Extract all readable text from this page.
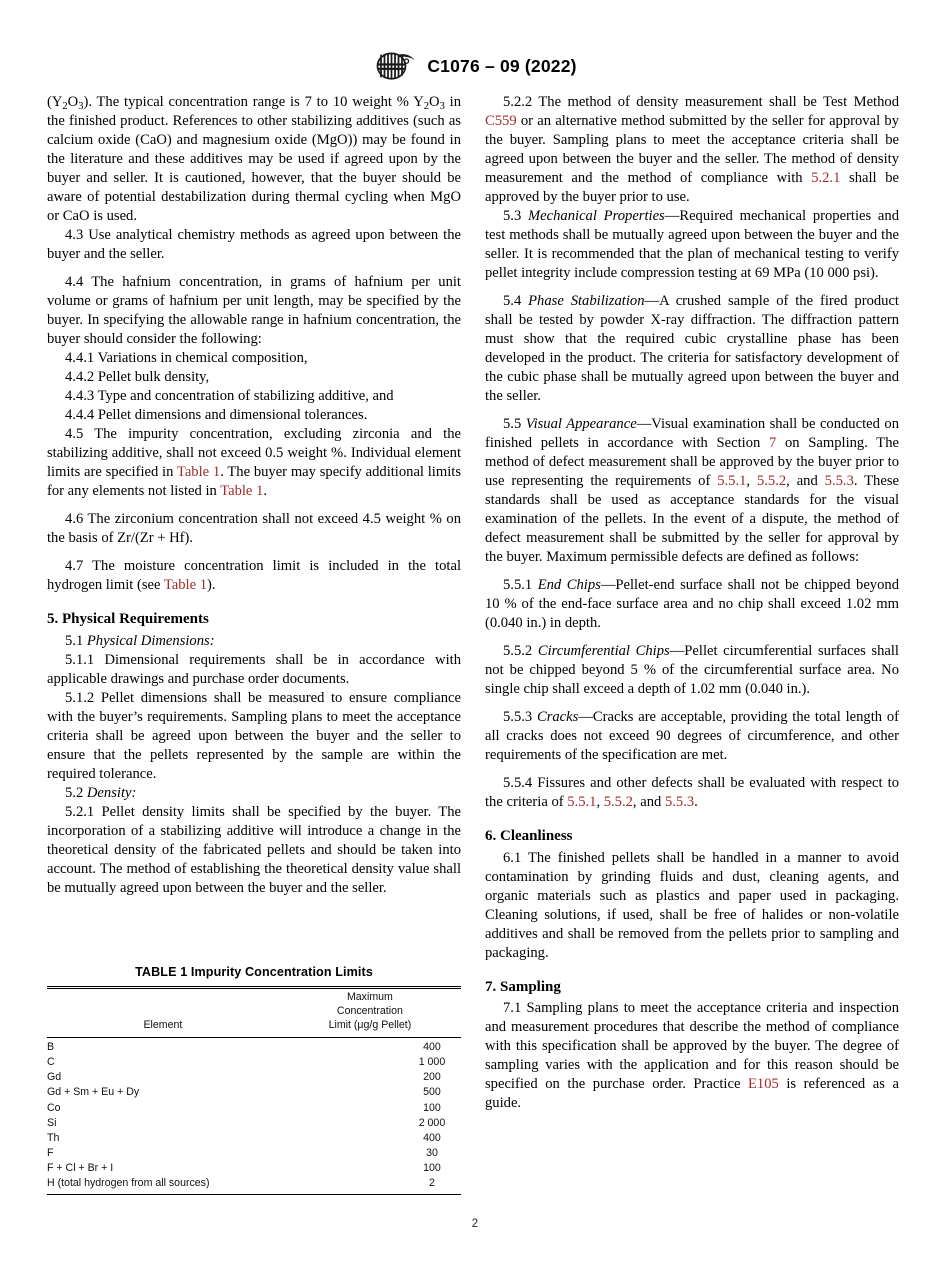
C1076 – 09 (2022)

$(Y_2O_3)$. The typical concentration range is 7 to 10 weight % $Y_2O_3$ in the finished product. References to other stabilizing additives (such as calcium oxide (CaO) and magnesium oxide (MgO)) may be found in the literature and these additives may be used if agreed upon by the buyer and seller. It is cautioned, however, that the buyer should be aware of potential destabilization during thermal cycling when MgO or CaO is used.

4.3 Use analytical chemistry methods as agreed upon between the buyer and the seller.

4.4 The hafnium concentration, in grams of hafnium per unit volume or grams of hafnium per unit length, may be specified by the buyer. In specifying the allowable range in hafnium concentration, the buyer should consider the following:

4.4.1 Variations in chemical composition,

4.4.2 Pellet bulk density,

4.4.3 Type and concentration of stabilizing additive, and

4.4.4 Pellet dimensions and dimensional tolerances.

4.5 The impurity concentration, excluding zirconia and the stabilizing additive, shall not exceed 0.5 weight %. Individual element limits are specified in Table 1. The buyer may specify additional limits for any elements not listed in Table 1.

4.6 The zirconium concentration shall not exceed 4.5 weight % on the basis of Zr/(Zr + Hf).

4.7 The moisture concentration limit is included in the total hydrogen limit (see Table 1).

5. Physical Requirements

5.1 Physical Dimensions:

5.1.1 Dimensional requirements shall be in accordance with applicable drawings and purchase order documents.

5.1.2 Pellet dimensions shall be measured to ensure compliance with the buyer’s requirements. Sampling plans to meet the acceptance criteria shall be agreed upon between the buyer and the seller to ensure that the pellets represented by the sample are within the required tolerance.

5.2 Density:

5.2.1 Pellet density limits shall be specified by the buyer. The incorporation of a stabilizing additive will introduce a change in the theoretical density of the fabricated pellets and should be taken into account. The method of establishing the theoretical density value shall be mutually agreed upon between the buyer and the seller.

5.2.2 The method of density measurement shall be Test Method C559 or an alternative method submitted by the seller for approval by the buyer. Sampling plans to meet the acceptance criteria shall be agreed upon between the buyer and the seller. The method of density measurement and the method of compliance with 5.2.1 shall be approved by the buyer prior to use.

5.3 Mechanical Properties—Required mechanical properties and test methods shall be mutually agreed upon between the buyer and the seller. It is recommended that the plan of mechanical testing to verify pellet integrity include compression testing at 69 MPa (10 000 psi).

5.4 Phase Stabilization—A crushed sample of the fired product shall be tested by powder X-ray diffraction. The diffraction pattern must show that the required cubic crystalline phase has been developed in the product. The criteria for satisfactory development of the cubic phase shall be mutually agreed upon between the buyer and the seller.

5.5 Visual Appearance—Visual examination shall be conducted on finished pellets in accordance with Section 7 on Sampling. The method of defect measurement shall be approved by the buyer prior to use representing the requirements of 5.5.1, 5.5.2, and 5.5.3. These standards shall be used as acceptance standards for the visual examination of the pellets. In the event of a dispute, the method of defect measurement shall be submitted by the seller for approval by the buyer. Maximum permissible defects are defined as follows:

5.5.1 End Chips—Pellet-end surface shall not be chipped beyond 10 % of the end-face surface area and no chip shall exceed 1.02 mm (0.040 in.) in depth.

5.5.2 Circumferential Chips—Pellet circumferential surfaces shall not be chipped beyond 5 % of the circumferential surface area. No single chip shall exceed a depth of 1.02 mm (0.040 in.).

5.5.3 Cracks—Cracks are acceptable, providing the total length of all cracks does not exceed 90 degrees of circumference, and other requirements of the specification are met.

5.5.4 Fissures and other defects shall be evaluated with respect to the criteria of 5.5.1, 5.5.2, and 5.5.3.

6. Cleanliness

6.1 The finished pellets shall be handled in a manner to avoid contamination by grinding fluids and dust, cleaning agents, and organic materials such as plastics and paper used in packaging. Cleaning solutions, if used, shall be free of halides or non-volatile additives and shall be removed from the pellets prior to sampling and packaging.

7. Sampling

7.1 Sampling plans to meet the acceptance criteria and inspection and measurement procedures that describe the method of compliance with this specification shall be approved by the buyer. The degree of sampling varies with the application and for this reason should be specified on the purchase order. Practice E105 is referenced as a guide.

TABLE 1 Impurity Concentration Limits
Element	
Maximum
Concentration
Limit (μg/g Pellet)
B	400
C	1 000
Gd	200
Gd + Sm + Eu + Dy	500
Co	100
Si	2 000
Th	400
F	30
F + Cl + Br + I	100
H (total hydrogen from all sources)	2
2
